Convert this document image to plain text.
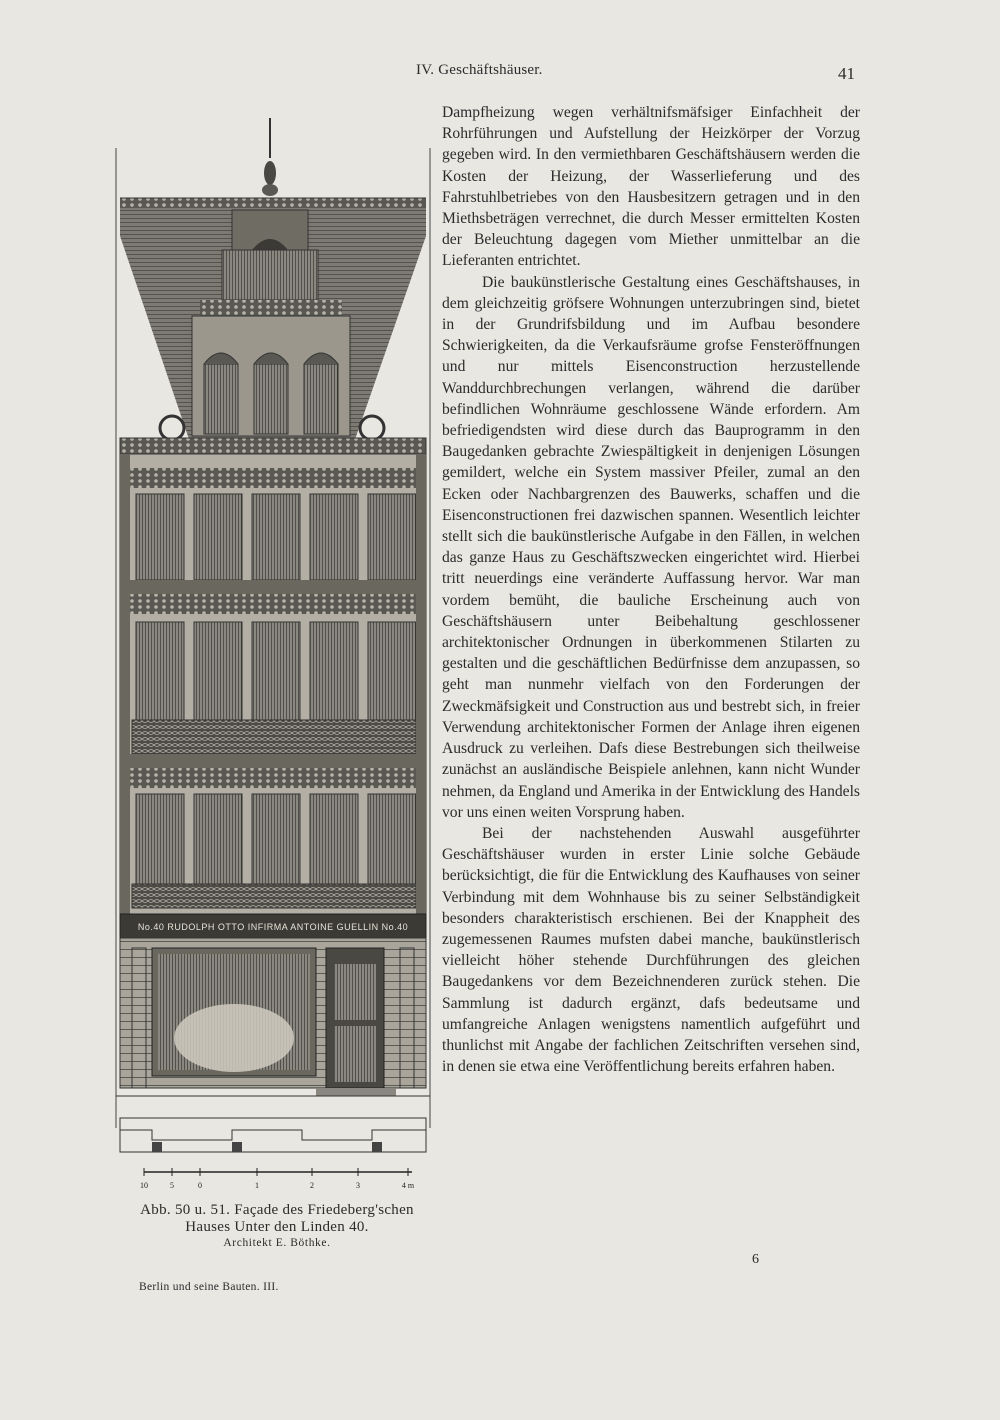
IV. Geschäftshäuser.	41

Dampfheizung wegen verhältnifsmäfsiger Einfachheit der Rohrführungen und Aufstellung der Heizkörper der Vorzug gegeben wird. In den vermiethbaren Geschäftshäusern werden die Kosten der Heizung, der Wasserlieferung und des Fahrstuhlbetriebes von den Hausbesitzern getragen und in den Miethsbeträgen verrechnet, die durch Messer ermittelten Kosten der Beleuchtung dagegen vom Miether unmittelbar an die Lieferanten entrichtet.

Die baukünstlerische Gestaltung eines Geschäftshauses, in dem gleichzeitig gröfsere Wohnungen unterzubringen sind, bietet in der Grundrifsbildung und im Aufbau besondere Schwierigkeiten, da die Verkaufsräume grofse Fensteröffnungen und nur mittels Eisenconstruction herzustellende Wanddurchbrechungen verlangen, während die darüber befindlichen Wohnräume geschlossene Wände erfordern. Am befriedigendsten wird diese durch das Bauprogramm in den Baugedanken gebrachte Zwiespältigkeit in denjenigen Lösungen gemildert, welche ein System massiver Pfeiler, zumal an den Ecken oder Nachbargrenzen des Bauwerks, schaffen und die Eisenconstructionen frei dazwischen spannen. Wesentlich leichter stellt sich die baukünstlerische Aufgabe in den Fällen, in welchen das ganze Haus zu Geschäftszwecken eingerichtet wird. Hierbei tritt neuerdings eine veränderte Auffassung hervor. War man vordem bemüht, die bauliche Erscheinung auch von Geschäftshäusern unter Beibehaltung geschlossener architektonischer Ordnungen in überkommenen Stilarten zu gestalten und die geschäftlichen Bedürfnisse dem anzupassen, so geht man nunmehr vielfach von den Forderungen der Zweckmäfsigkeit und Construction aus und bestrebt sich, in freier Verwendung architektonischer Formen der Anlage ihren eigenen Ausdruck zu verleihen. Dafs diese Bestrebungen sich theilweise zunächst an ausländische Beispiele anlehnen, kann nicht Wunder nehmen, da England und Amerika in der Entwicklung des Handels vor uns einen weiten Vorsprung haben.

Bei der nachstehenden Auswahl ausgeführter Geschäftshäuser wurden in erster Linie solche Gebäude berücksichtigt, die für die Entwicklung des Kaufhauses von seiner Verbindung mit dem Wohnhause bis zu seiner Selbständigkeit besonders charakteristisch erschienen. Bei der Knappheit des zugemessenen Raumes mufsten dabei manche, baukünstlerisch vielleicht höher stehende Durchführungen des gleichen Baugedankens vor dem Bezeichnenderen zurück stehen. Die Sammlung ist dadurch ergänzt, dafs bedeutsame und umfangreiche Anlagen wenigstens namentlich aufgeführt und thunlichst mit Angabe der fachlichen Zeitschriften versehen sind, in denen sie etwa eine Veröffentlichung bereits erfahren haben.

6
No.40 RUDOLPH OTTO INFIRMA ANTOINE GUELLIN No.40
10	5	0	1	2	3	4 m
Abb. 50 u. 51. Façade des Friedeberg'schen
Hauses Unter den Linden 40.
Architekt E. Böthke.
Berlin und seine Bauten. III.
